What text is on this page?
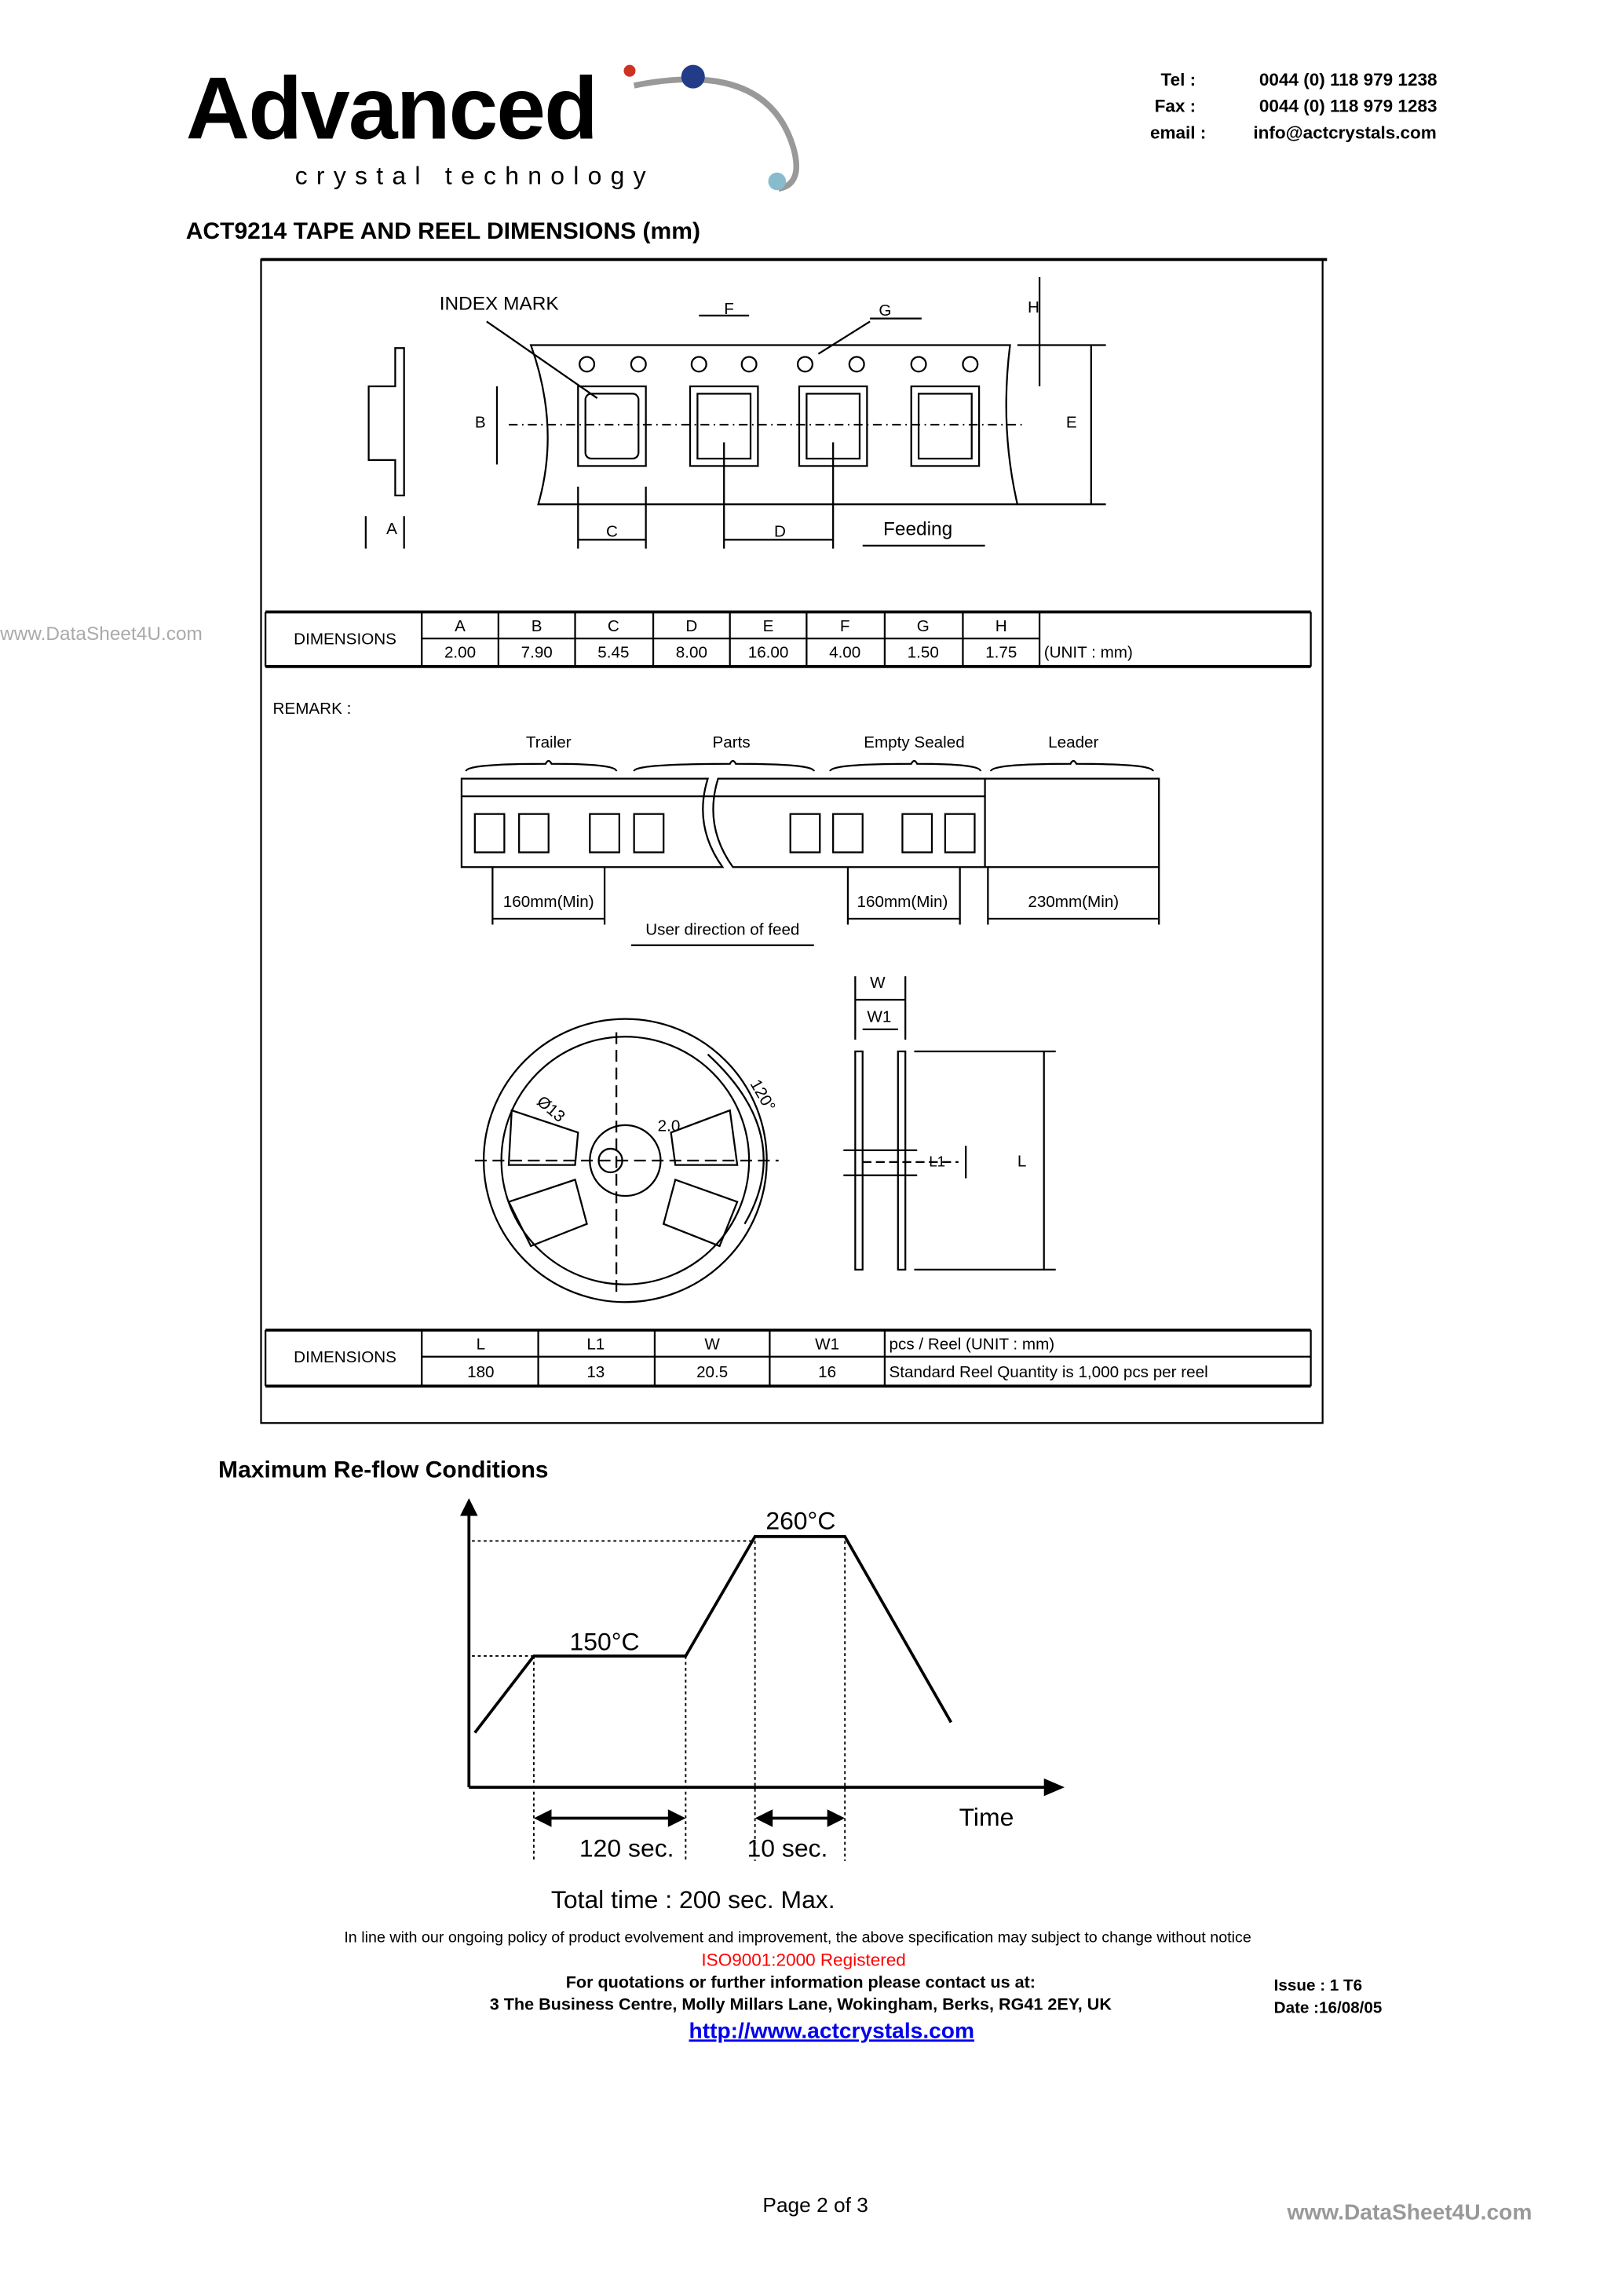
Advanced
crystal technology
Tel :	0044 (0) 118 979 1238
Fax :	0044 (0) 118 979 1283
email :	info@actcrystals.com
ACT9214 TAPE AND REEL DIMENSIONS (mm)
www.DataSheet4U.com
INDEX MARK	F	G	H
B	E
A	C	D	Feeding
DIMENSIONS
A	B	C	D	E	F	G	H
2.00	7.90	5.45	8.00	16.00	4.00	1.50	1.75	(UNIT : mm)
REMARK :
Trailer	Parts	Empty Sealed	Leader
160mm(Min)	160mm(Min)	230mm(Min)
User direction of feed
Ø13
2.0
120°
W
W1
L1	L
DIMENSIONS
L	L1	W	W1	pcs / Reel (UNIT : mm)
180	13	20.5	16	Standard Reel Quantity is 1,000 pcs per reel
Maximum Re-flow Conditions
260°C
150°C
Time
120 sec.	10 sec.
Total time : 200 sec. Max.
In line with our ongoing policy of product evolvement and improvement, the above specification may subject to change without notice
ISO9001:2000 Registered
For quotations or further information please contact us at:
3 The Business Centre, Molly Millars Lane, Wokingham, Berks, RG41 2EY, UK
http://www.actcrystals.com
Issue : 1 T6
Date :16/08/05
Page 2 of 3	www.DataSheet4U.com
